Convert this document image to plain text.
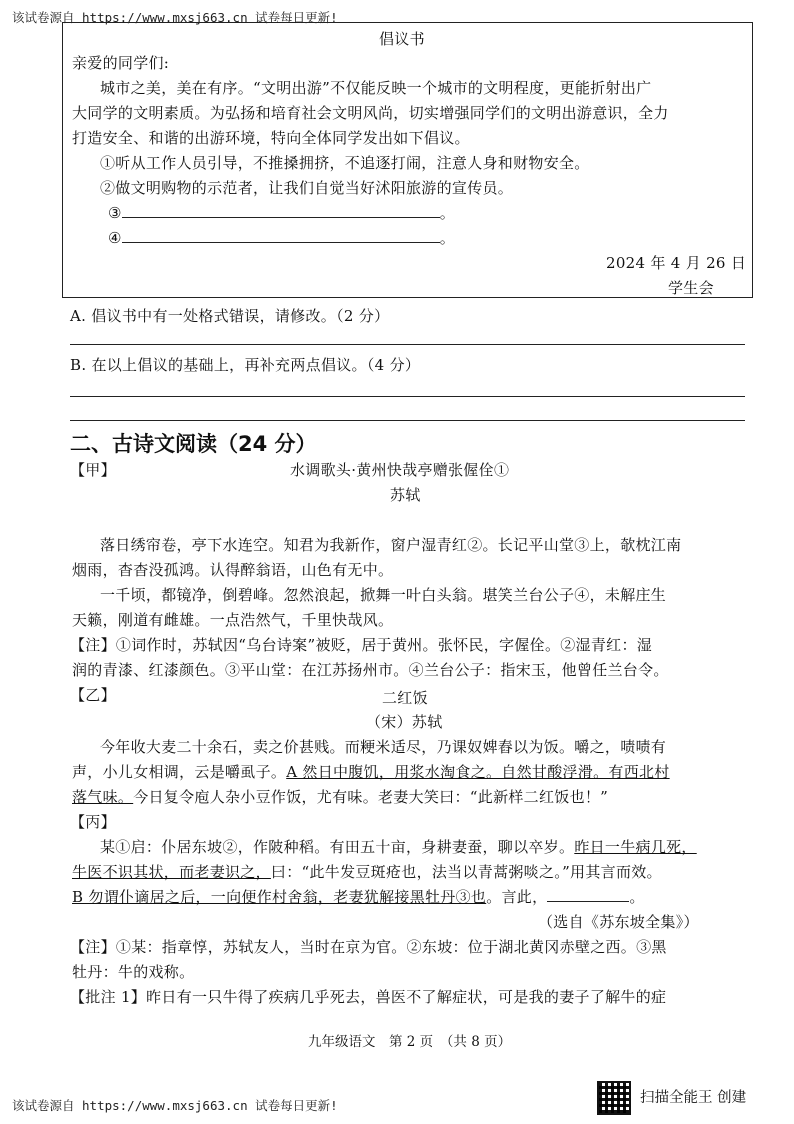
该试卷源自 https://www.mxsj663.cn 试卷每日更新!
倡议书
亲爱的同学们:
城市之美，美在有序。“文明出游”不仅能反映一个城市的文明程度，更能折射出广
大同学的文明素质。为弘扬和培育社会文明风尚，切实增强同学们的文明出游意识，全力
打造安全、和谐的出游环境，特向全体同学发出如下倡议。
①听从工作人员引导，不推搡拥挤，不追逐打闹，注意人身和财物安全。
②做文明购物的示范者，让我们自觉当好沭阳旅游的宣传员。
③	。
④	。
2024 年 4 月 26 日
学生会
A. 倡议书中有一处格式错误，请修改。（2 分）
B. 在以上倡议的基础上，再补充两点倡议。（4 分）
二、古诗文阅读（24 分）
【甲】	水调歌头·黄州快哉亭赠张偓佺①
苏轼
落日绣帘卷，亭下水连空。知君为我新作，窗户湿青红②。长记平山堂③上，欹枕江南
烟雨，杳杳没孤鸿。认得醉翁语，山色有无中。
一千顷，都镜净，倒碧峰。忽然浪起，掀舞一叶白头翁。堪笑兰台公子④，未解庄生
天籁，刚道有雌雄。一点浩然气，千里快哉风。
【注】①词作时，苏轼因“乌台诗案”被贬，居于黄州。张怀民，字偓佺。②湿青红：湿
润的青漆、红漆颜色。③平山堂：在江苏扬州市。④兰台公子：指宋玉，他曾任兰台令。
【乙】	二红饭
（宋）苏轼
今年收大麦二十余石，卖之价甚贱。而粳米适尽，乃课奴婢舂以为饭。嚼之，啧啧有
声，小儿女相调，云是嚼虱子。A 然日中腹饥，用浆水淘食之。自然甘酸浮滑。有西北村
落气味。今日复令庖人杂小豆作饭，尤有味。老妻大笑曰：“此新样二红饭也！”
【丙】
某①启：仆居东坡②，作陂种稻。有田五十亩，身耕妻蚕，聊以卒岁。昨日一牛病几死，
牛医不识其状，而老妻识之，曰：“此牛发豆斑疮也，法当以青蒿粥啖之。”用其言而效。
B 勿谓仆谪居之后，一向便作村舍翁，老妻犹解接黑牡丹③也。言此，	。
（选自《苏东坡全集》）
【注】①某：指章惇，苏轼友人，当时在京为官。②东坡：位于湖北黄冈赤壁之西。③黑
牡丹：牛的戏称。
【批注 1】昨日有一只牛得了疾病几乎死去，兽医不了解症状，可是我的妻子了解牛的症
九年级语文　第 2 页　（共 8 页）
该试卷源自 https://www.mxsj663.cn 试卷每日更新!	扫描全能王 创建
